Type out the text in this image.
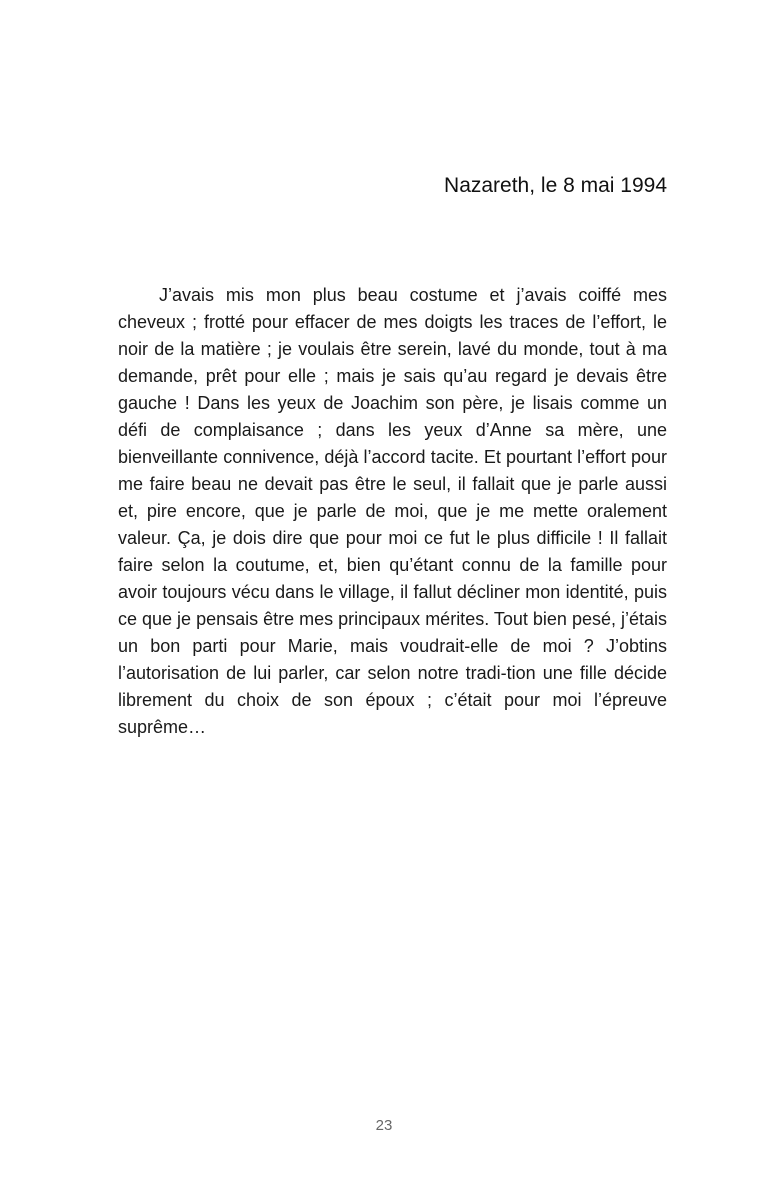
Nazareth, le 8 mai 1994

J’avais mis mon plus beau costume et j’avais coiffé mes cheveux ; frotté pour effacer de mes doigts les traces de l’effort, le noir de la matière ; je voulais être serein, lavé du monde, tout à ma demande, prêt pour elle ; mais je sais qu’au regard je devais être gauche ! Dans les yeux de Joachim son père, je lisais comme un défi de complaisance ; dans les yeux d’Anne sa mère, une bienveillante connivence, déjà l’accord tacite. Et pourtant l’effort pour me faire beau ne devait pas être le seul, il fallait que je parle aussi et, pire encore, que je parle de moi, que je me mette oralement valeur. Ça, je dois dire que pour moi ce fut le plus difficile ! Il fallait faire selon la coutume, et, bien qu’étant connu de la famille pour avoir toujours vécu dans le village, il fallut décliner mon identité, puis ce que je pensais être mes principaux mérites. Tout bien pesé, j’étais un bon parti pour Marie, mais voudrait-elle de moi ? J’obtins l’autorisation de lui parler, car selon notre tradi-tion une fille décide librement du choix de son époux ; c’était pour moi l’épreuve suprême…

23
